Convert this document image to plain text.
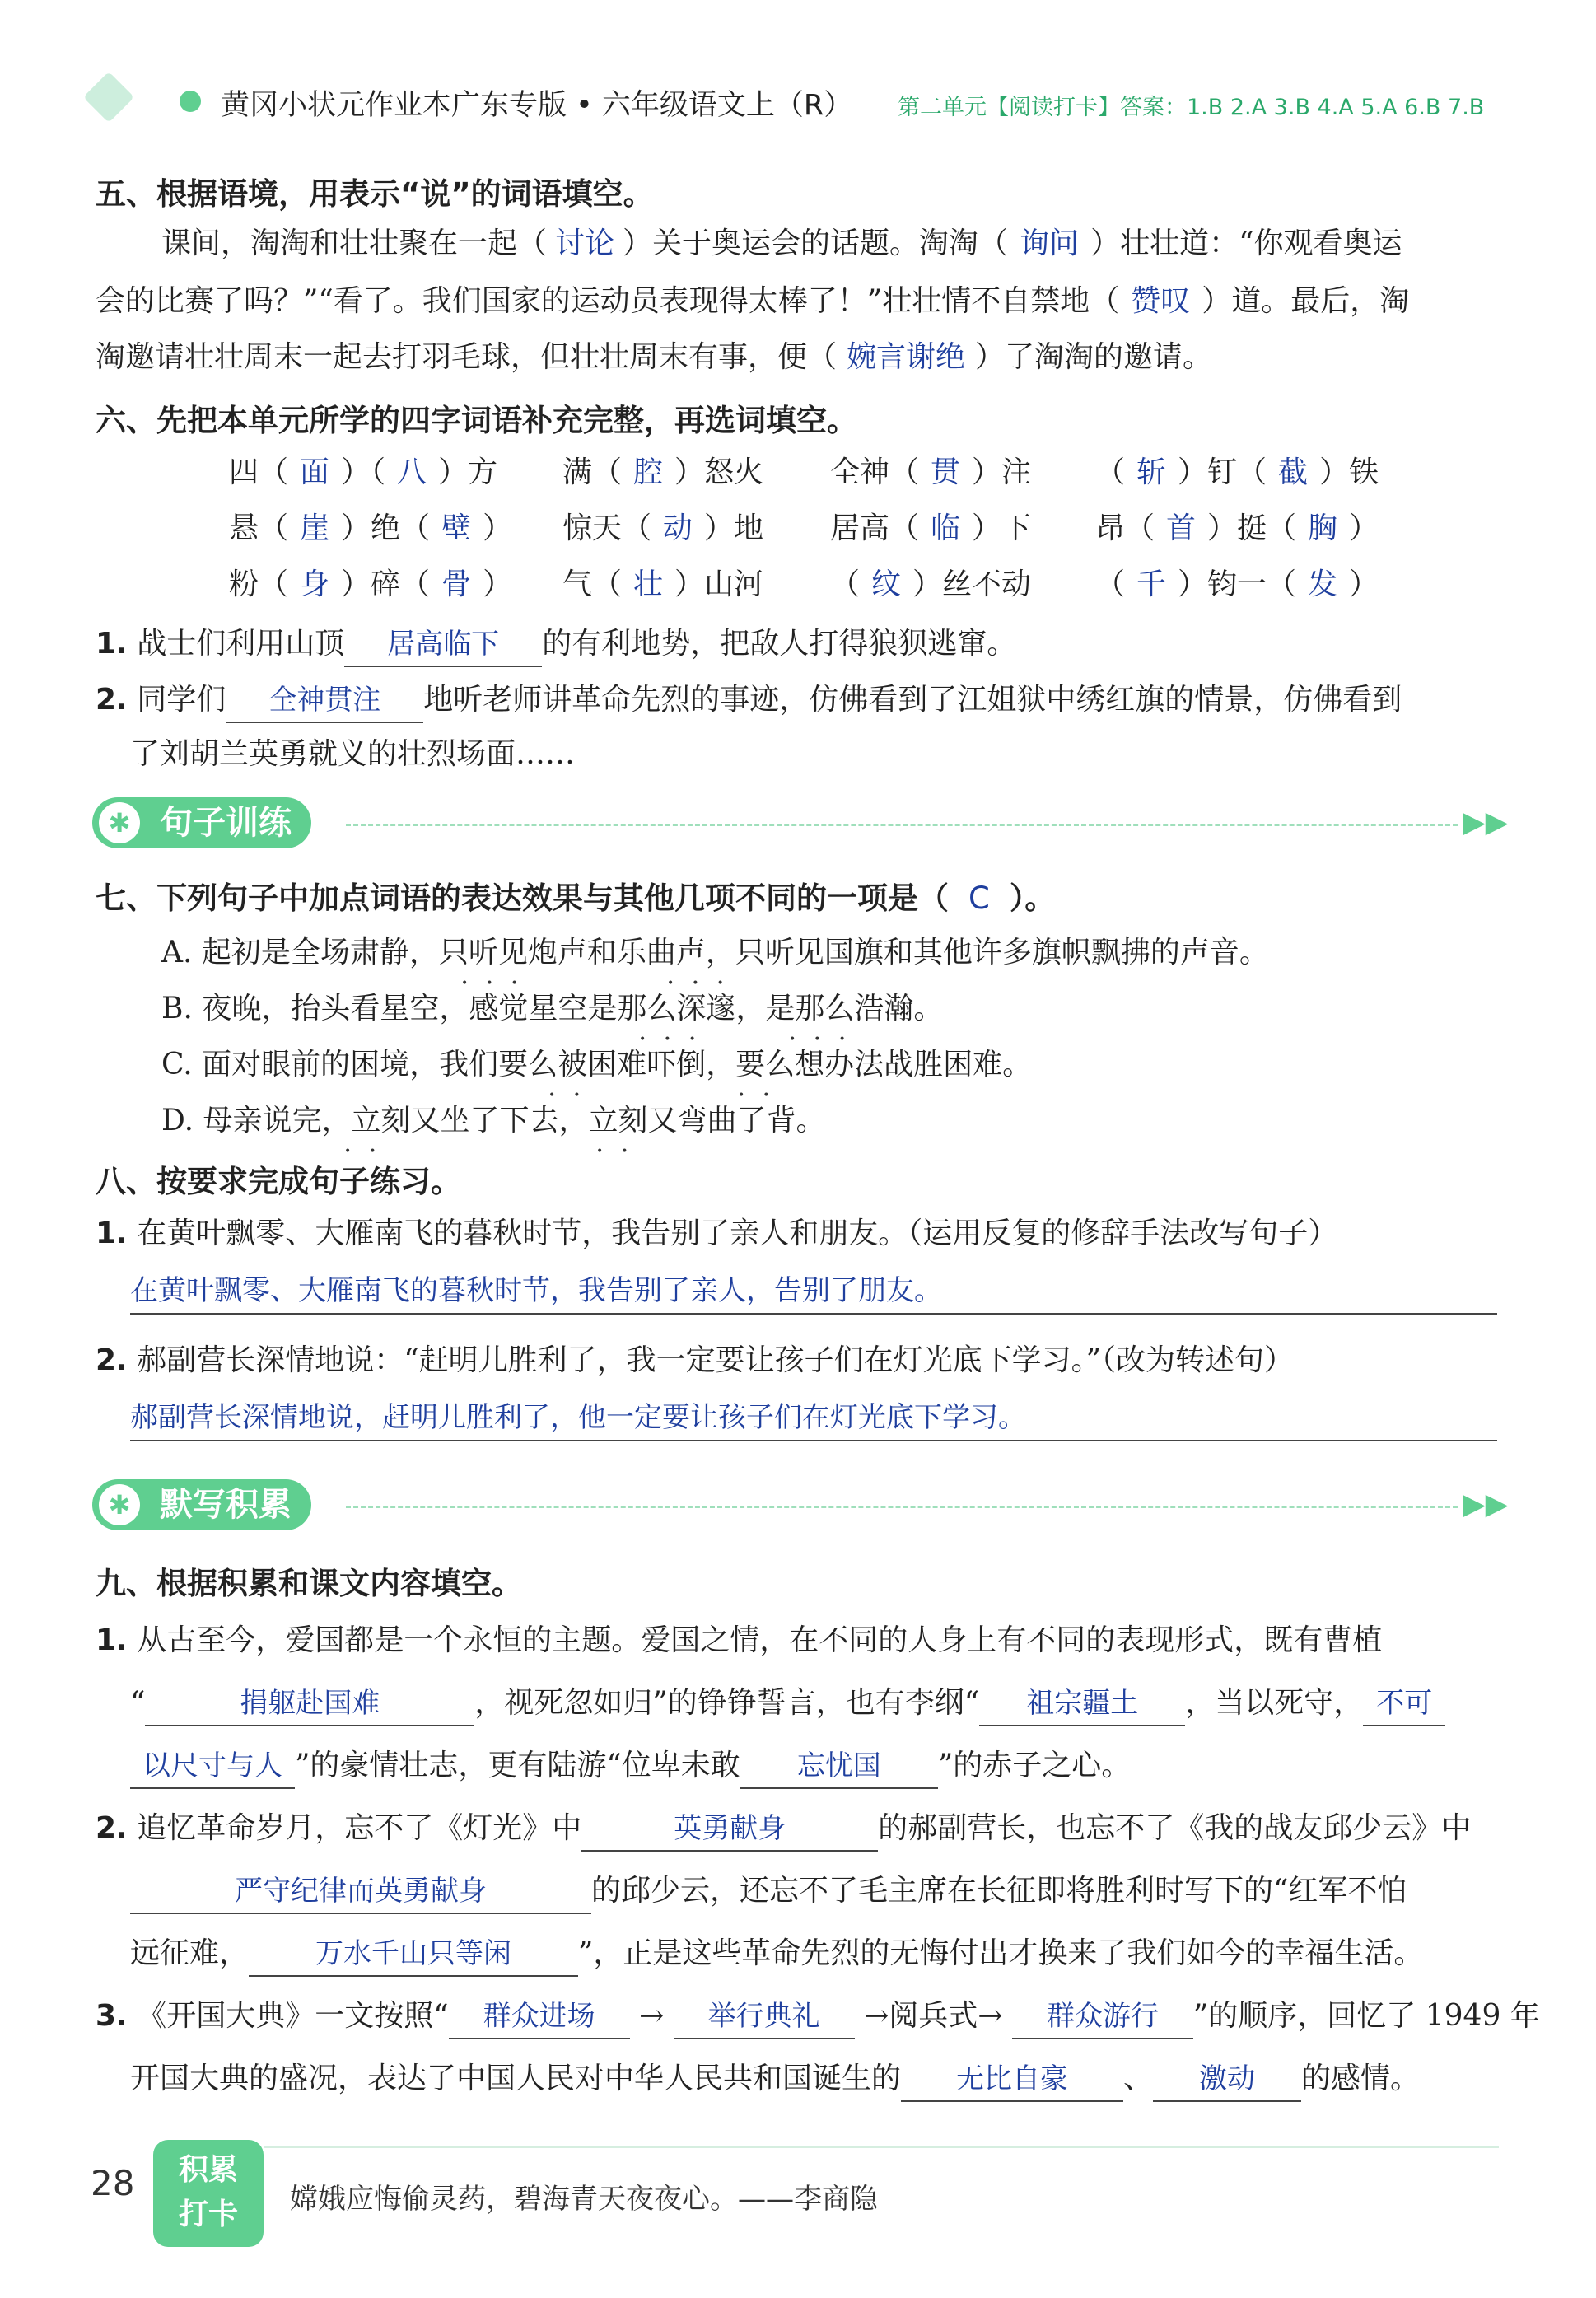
黄冈小状元作业本广东专版 • 六年级语文上（R） 第二单元【阅读打卡】答案：1.B 2.A 3.B 4.A 5.A 6.B 7.B
五、根据语境，用表示“说”的词语填空。
课间，淘淘和壮壮聚在一起（ 讨论 ）关于奥运会的话题。淘淘（ 询问 ）壮壮道：“你观看奥运
会的比赛了吗？”“看了。我们国家的运动员表现得太棒了！”壮壮情不自禁地（ 赞叹 ）道。最后，淘
淘邀请壮壮周末一起去打羽毛球，但壮壮周末有事，便（ 婉言谢绝 ）了淘淘的邀请。
六、先把本单元所学的四字词语补充完整，再选词填空。
四（ 面 ）（ 八 ）方 满（ 腔 ）怒火 全神（ 贯 ）注 （ 斩 ）钉（ 截 ）铁
悬（ 崖 ）绝（ 壁 ） 惊天（ 动 ）地 居高（ 临 ）下 昂（ 首 ）挺（ 胸 ）
粉（ 身 ）碎（ 骨 ） 气（ 壮 ）山河 （ 纹 ）丝不动 （ 千 ）钧一（ 发 ）
1. 战士们利用山顶 居高临下 的有利地势，把敌人打得狼狈逃窜。
2. 同学们 全神贯注 地听老师讲革命先烈的事迹，仿佛看到了江姐狱中绣红旗的情景，仿佛看到
了刘胡兰英勇就义的壮烈场面……
✱ 句子训练	▶▶
七、下列句子中加点词语的表达效果与其他几项不同的一项是（ C ）。
A. 起初是全场肃静，只听见炮声和乐曲声，只听见国旗和其他许多旗帜飘拂的声音。
B. 夜晚，抬头看星空，感觉星空是那么深邃，是那么浩瀚。
C. 面对眼前的困境，我们要么被困难吓倒，要么想办法战胜困难。
D. 母亲说完，立刻又坐了下去，立刻又弯曲了背。
•••	•••
•••	•••
••	••
••	••
八、按要求完成句子练习。
1. 在黄叶飘零、大雁南飞的暮秋时节，我告别了亲人和朋友。（运用反复的修辞手法改写句子）
在黄叶飘零、大雁南飞的暮秋时节，我告别了亲人，告别了朋友。
2. 郝副营长深情地说：“赶明儿胜利了，我一定要让孩子们在灯光底下学习。”（改为转述句）
郝副营长深情地说，赶明儿胜利了，他一定要让孩子们在灯光底下学习。
✱ 默写积累	▶▶
九、根据积累和课文内容填空。
1. 从古至今，爱国都是一个永恒的主题。爱国之情，在不同的人身上有不同的表现形式，既有曹植
“	捐躯赴国难	，视死忽如归”的铮铮誓言，也有李纲“ 祖宗疆土 ，当以死守， 不可
以尺寸与人 ”的豪情壮志，更有陆游“位卑未敢 忘忧国 ”的赤子之心。
2. 追忆革命岁月，忘不了《灯光》中	英勇献身	的郝副营长，也忘不了《我的战友邱少云》中
严守纪律而英勇献身	的邱少云，还忘不了毛主席在长征即将胜利时写下的“红军不怕
远征难， 万水千山只等闲 ”，正是这些革命先烈的无悔付出才换来了我们如今的幸福生活。
3. 《开国大典》一文按照“ 群众进场 → 举行典礼 →阅兵式→ 群众游行 ”的顺序，回忆了 1949 年
开国大典的盛况，表达了中国人民对中华人民共和国诞生的 无比自豪 、 激动 的感情。
28	积累
打卡	嫦娥应悔偷灵药，碧海青天夜夜心。——李商隐
